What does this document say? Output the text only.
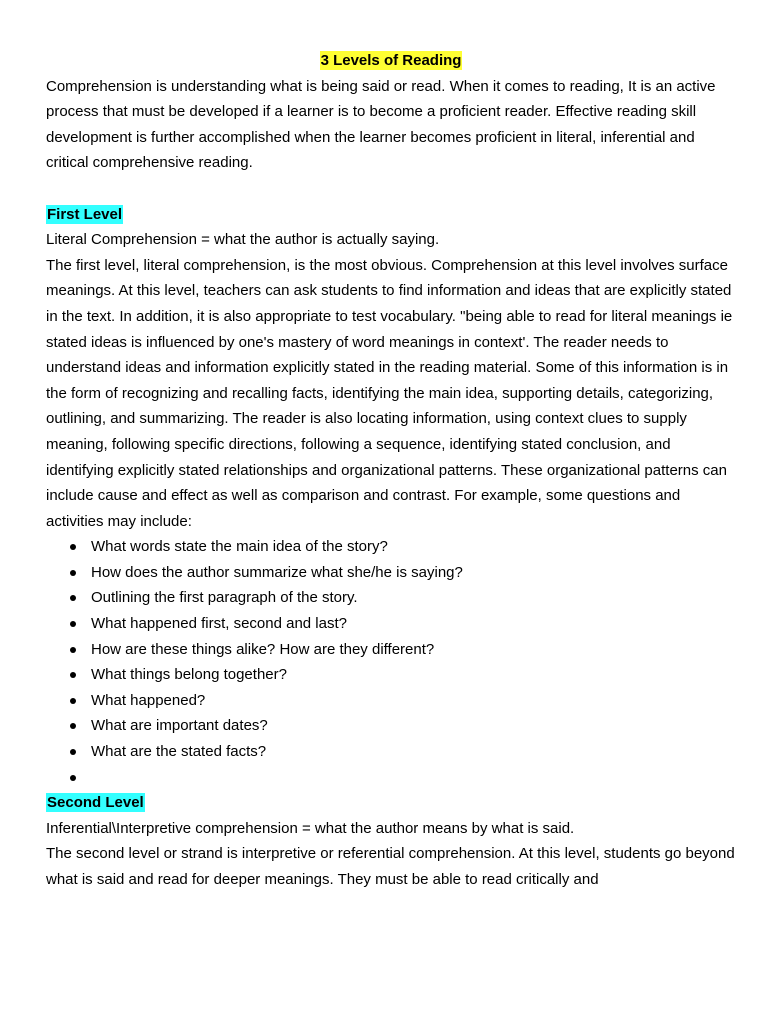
3 Levels of Reading

Comprehension is understanding what is being said or read. When it comes to reading, It is an active process that must be developed if a learner is to become a proficient reader. Effective reading skill development is further accomplished when the learner becomes proficient in literal, inferential and critical comprehensive reading.

First Level

Literal Comprehension = what the author is actually saying.

The first level, literal comprehension, is the most obvious. Comprehension at this level involves surface meanings. At this level, teachers can ask students to find information and ideas that are explicitly stated in the text. In addition, it is also appropriate to test vocabulary. "being able to read for literal meanings ie stated ideas is influenced by one's mastery of word meanings in context'. The reader needs to understand ideas and information explicitly stated in the reading material. Some of this information is in the form of recognizing and recalling facts, identifying the main idea, supporting details, categorizing, outlining, and summarizing. The reader is also locating information, using context clues to supply meaning, following specific directions, following a sequence, identifying stated conclusion, and identifying explicitly stated relationships and organizational patterns. These organizational patterns can include cause and effect as well as comparison and contrast. For example, some questions and activities may include:

What words state the main idea of the story?
How does the author summarize what she/he is saying?
Outlining the first paragraph of the story.
What happened first, second and last?
How are these things alike? How are they different?
What things belong together?
What happened?
What are important dates?
What are the stated facts?
Second Level

Inferential\Interpretive comprehension = what the author means by what is said.

The second level or strand is interpretive or referential comprehension. At this level, students go beyond what is said and read for deeper meanings. They must be able to read critically and
